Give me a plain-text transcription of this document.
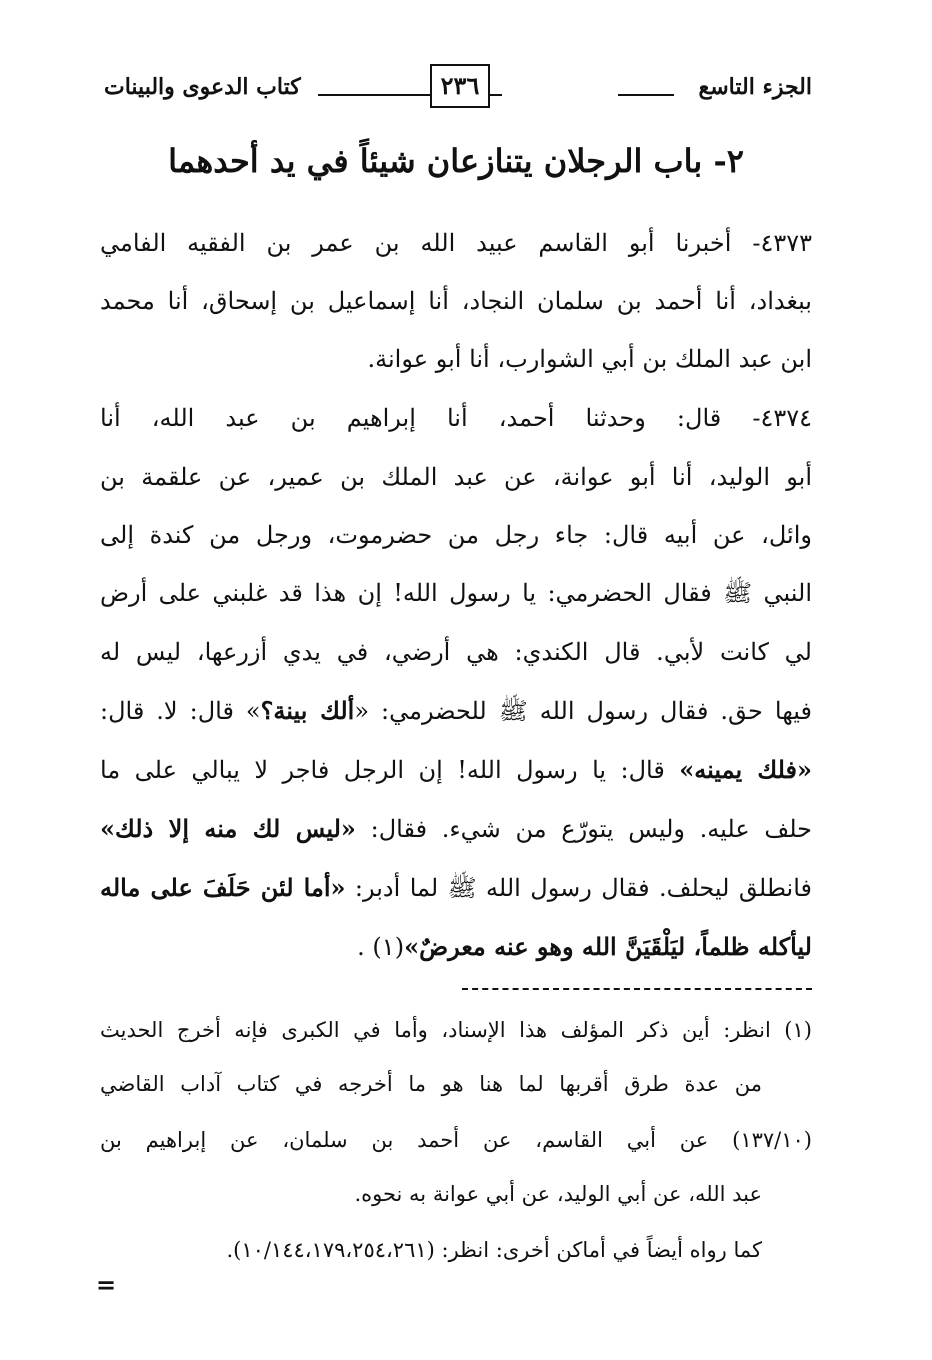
الجزء التاسع
٢٣٦
كتاب الدعوى والبينات
٢- باب الرجلان يتنازعان شيئاً في يد أحدهما
٤٣٧٣- أخبرنا أبو القاسم عبيد الله بن عمر بن الفقيه الفامي
ببغداد، أنا أحمد بن سلمان النجاد، أنا إسماعيل بن إسحاق، أنا محمد
ابن عبد الملك بن أبي الشوارب، أنا أبو عوانة.
٤٣٧٤- قال: وحدثنا أحمد، أنا إبراهيم بن عبد الله، أنا
أبو الوليد، أنا أبو عوانة، عن عبد الملك بن عمير، عن علقمة بن
وائل، عن أبيه قال: جاء رجل من حضرموت، ورجل من كندة إلى
النبي ﷺ فقال الحضرمي: يا رسول الله! إن هذا قد غلبني على أرض
لي كانت لأبي. قال الكندي: هي أرضي، في يدي أزرعها، ليس له
فيها حق. فقال رسول الله ﷺ للحضرمي: «ألك بينة؟» قال: لا. قال:
«فلك يمينه» قال: يا رسول الله! إن الرجل فاجر لا يبالي على ما
حلف عليه. وليس يتورّع من شيء. فقال: «ليس لك منه إلا ذلك»
فانطلق ليحلف. فقال رسول الله ﷺ لما أدبر: «أما لئن حَلَفَ على ماله
ليأكله ظلماً، ليَلْقَيَنَّ الله وهو عنه معرضٌ»(١) .
(١) انظر: أين ذكر المؤلف هذا الإسناد، وأما في الكبرى فإنه أخرج الحديث
من عدة طرق أقربها لما هنا هو ما أخرجه في كتاب آداب القاضي
(١٣٧/١٠) عن أبي القاسم، عن أحمد بن سلمان، عن إبراهيم بن
عبد الله، عن أبي الوليد، عن أبي عوانة به نحوه.
كما رواه أيضاً في أماكن أخرى: انظر: (١٠/١٤٤،١٧٩،٢٥٤،٢٦١).
=
